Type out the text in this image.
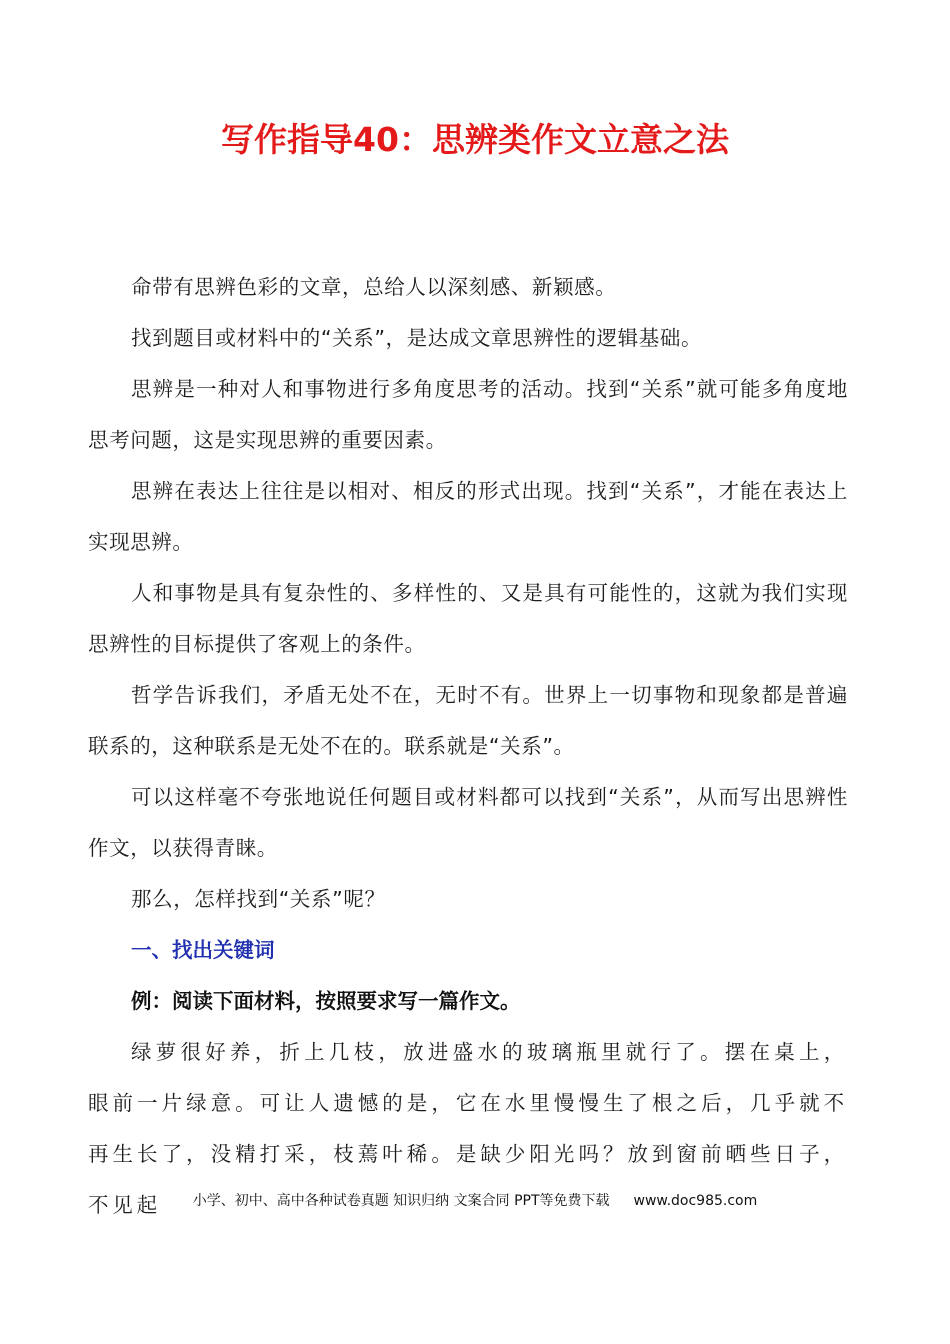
写作指导40：思辨类作文立意之法

命带有思辨色彩的文章，总给人以深刻感、新颖感。

找到题目或材料中的“关系”，是达成文章思辨性的逻辑基础。

思辨是一种对人和事物进行多角度思考的活动。找到“关系”就可能多角度地思考问题，这是实现思辨的重要因素。

思辨在表达上往往是以相对、相反的形式出现。找到“关系”，才能在表达上实现思辨。

人和事物是具有复杂性的、多样性的、又是具有可能性的，这就为我们实现思辨性的目标提供了客观上的条件。

哲学告诉我们，矛盾无处不在，无时不有。世界上一切事物和现象都是普遍联系的，这种联系是无处不在的。联系就是“关系”。

可以这样毫不夸张地说任何题目或材料都可以找到“关系”，从而写出思辨性作文，以获得青睐。

那么，怎样找到“关系”呢？

一、找出关键词

例：阅读下面材料，按照要求写一篇作文。

绿萝很好养，折上几枝，放进盛水的玻璃瓶里就行了。摆在桌上，眼前一片绿意。可让人遗憾的是，它在水里慢慢生了根之后，几乎就不再生长了，没精打采，枝蔫叶稀。是缺少阳光吗？放到窗前晒些日子，不见起	小学、初中、高中各种试卷真题 知识归纳 文案合同 PPT等免费下载 www.doc985.com
